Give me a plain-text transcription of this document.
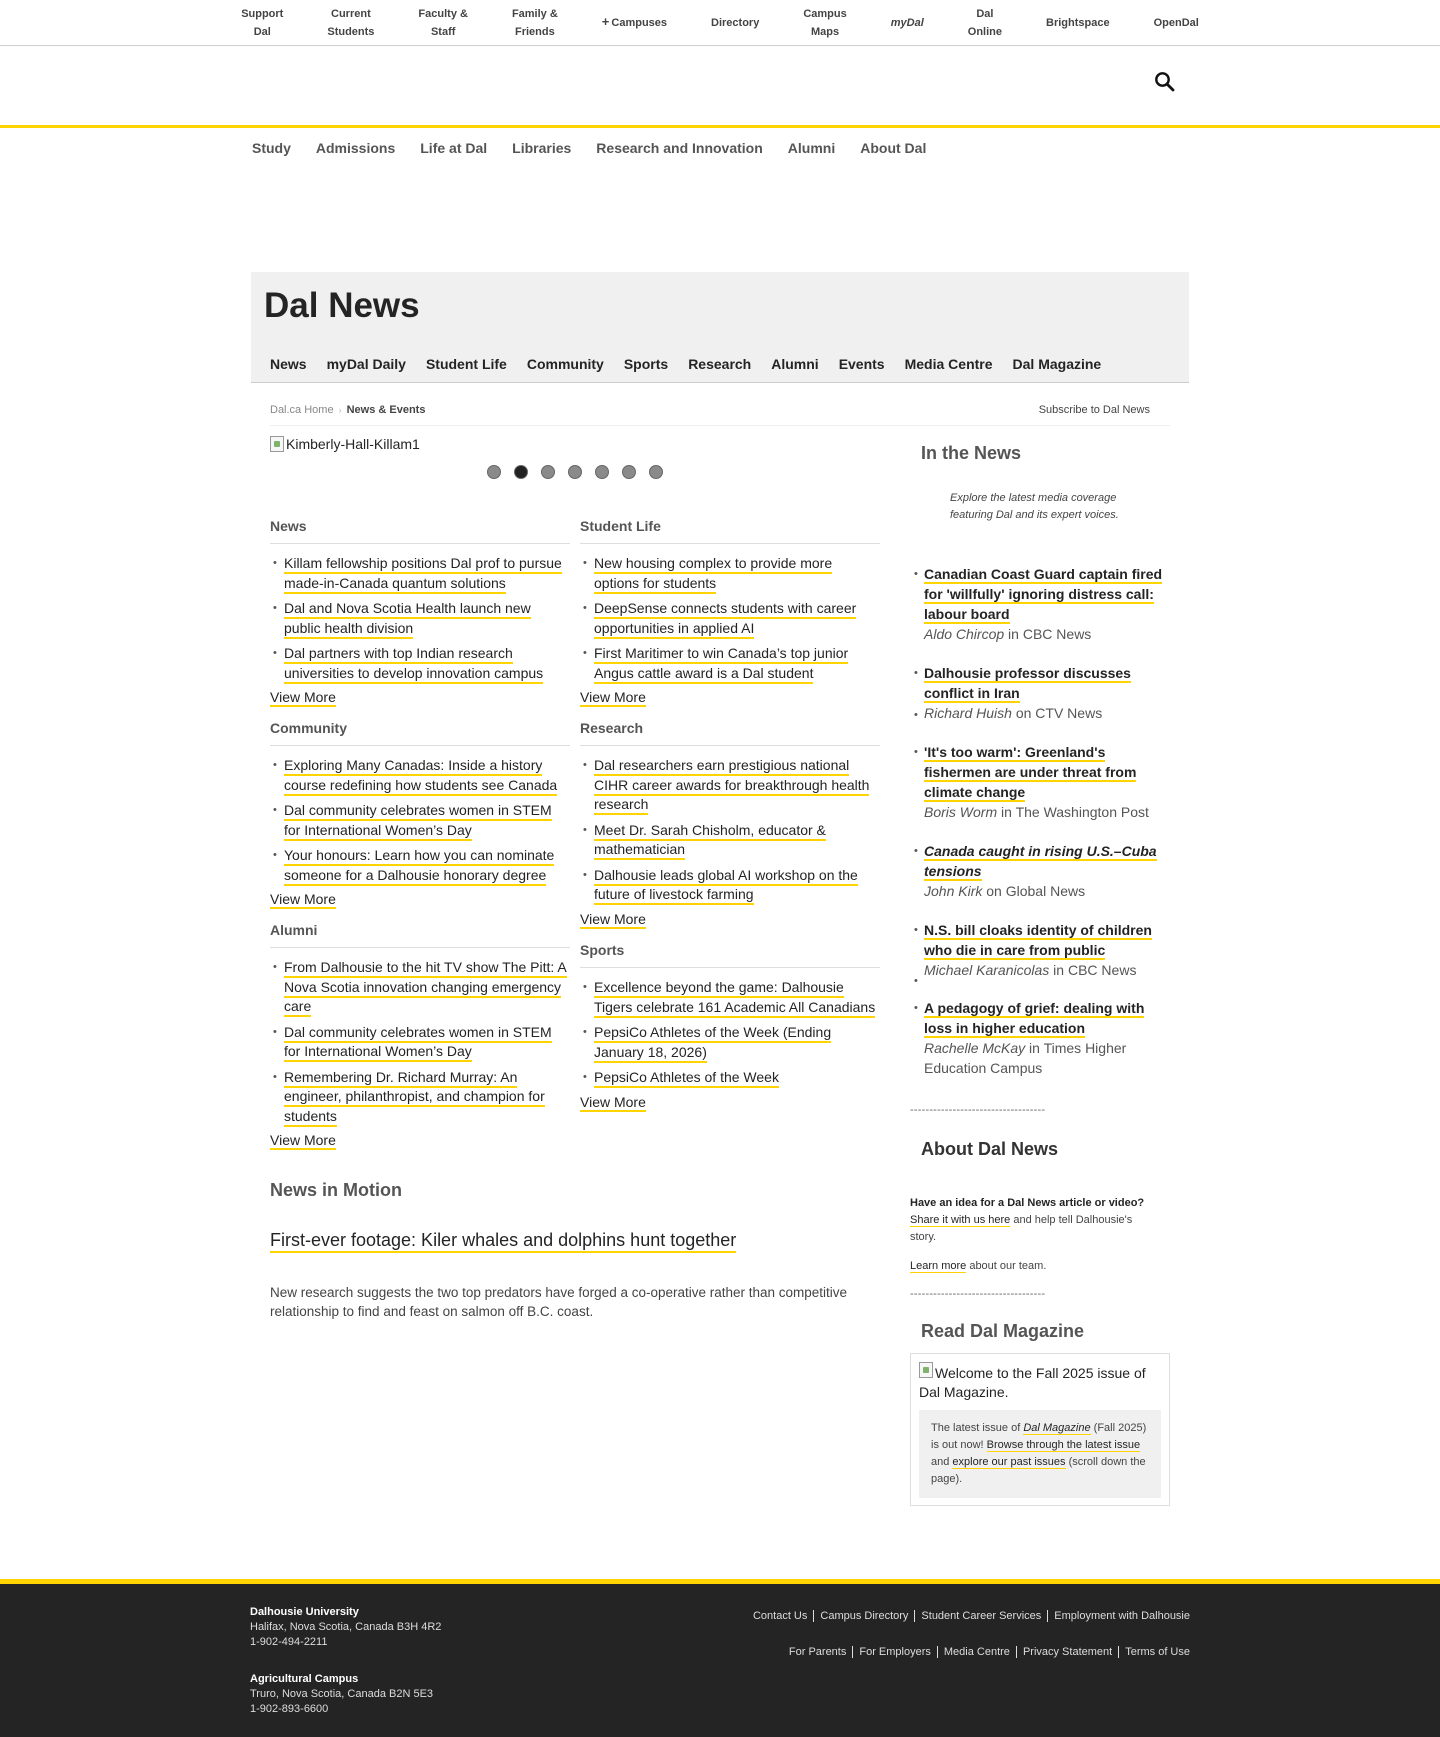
Support
Dal
Current
Students
Faculty &
Staff
Family &
Friends
+ Campuses	Directory
Campus
Maps
myDal
Dal
Online
Brightspace	OpenDal
Study Admissions Life at Dal Libraries Research and Innovation Alumni About Dal
Dal News
News myDal Daily Student Life Community Sports Research Alumni Events Media Centre Dal Magazine
Dal.ca Home › News & Events	Subscribe to Dal News
Kimberly-Hall-Killam1
News
• Killam fellowship positions Dal prof to pursue made-in-Canada quantum solutions
• Dal and Nova Scotia Health launch new public health division
• Dal partners with top Indian research universities to develop innovation campus
View More
Student Life
• New housing complex to provide more options for students
• DeepSense connects students with career opportunities in applied AI
• First Maritimer to win Canada’s top junior Angus cattle award is a Dal student
View More
Community
• Exploring Many Canadas: Inside a history course redefining how students see Canada
• Dal community celebrates women in STEM for International Women’s Day
• Your honours: Learn how you can nominate someone for a Dalhousie honorary degree
View More
Research
• Dal researchers earn prestigious national CIHR career awards for breakthrough health research
• Meet Dr. Sarah Chisholm, educator & mathematician
• Dalhousie leads global AI workshop on the future of livestock farming
View More
Alumni
• From Dalhousie to the hit TV show The Pitt: A Nova Scotia innovation changing emergency care
• Dal community celebrates women in STEM for International Women’s Day
• Remembering Dr. Richard Murray: An engineer, philanthropist, and champion for students
View More
Sports
• Excellence beyond the game: Dalhousie Tigers celebrate 161 Academic All Canadians
• PepsiCo Athletes of the Week (Ending January 18, 2026)
• PepsiCo Athletes of the Week
View More
News in Motion
First-ever footage: Kiler whales and dolphins hunt together

New research suggests the two top predators have forged a co-operative rather than competitive relationship to find and feast on salmon off B.C. coast.

In the News

Explore the latest media coverage featuring Dal and its expert voices.

• Canadian Coast Guard captain fired for 'willfully' ignoring distress call: labour board
Aldo Chircop in CBC News
• Dalhousie professor discusses conflict in Iran
• Richard Huish on CTV News
• 'It's too warm': Greenland's fishermen are under threat from climate change
Boris Worm in The Washington Post
• Canada caught in rising U.S.–Cuba tensions
John Kirk on Global News
• N.S. bill cloaks identity of children who die in care from public
Michael Karanicolas in CBC News
• A pedagogy of grief: dealing with loss in higher education
Rachelle McKay in Times Higher Education Campus
•
-----------------------------------
About Dal News

Have an idea for a Dal News article or video? Share it with us here and help tell Dalhousie's story.

Learn more about our team.

-----------------------------------
Read Dal Magazine
Welcome to the Fall 2025 issue of Dal Magazine.
The latest issue of Dal Magazine (Fall 2025) is out now! Browse through the latest issue and explore our past issues (scroll down the page).
Dalhousie University
Halifax, Nova Scotia, Canada B3H 4R2
1-902-494-2211
Agricultural Campus
Truro, Nova Scotia, Canada B2N 5E3
1-902-893-6600
Contact Us	Campus Directory	Student Career Services	Employment with Dalhousie
For Parents	For Employers	Media Centre	Privacy Statement	Terms of Use
